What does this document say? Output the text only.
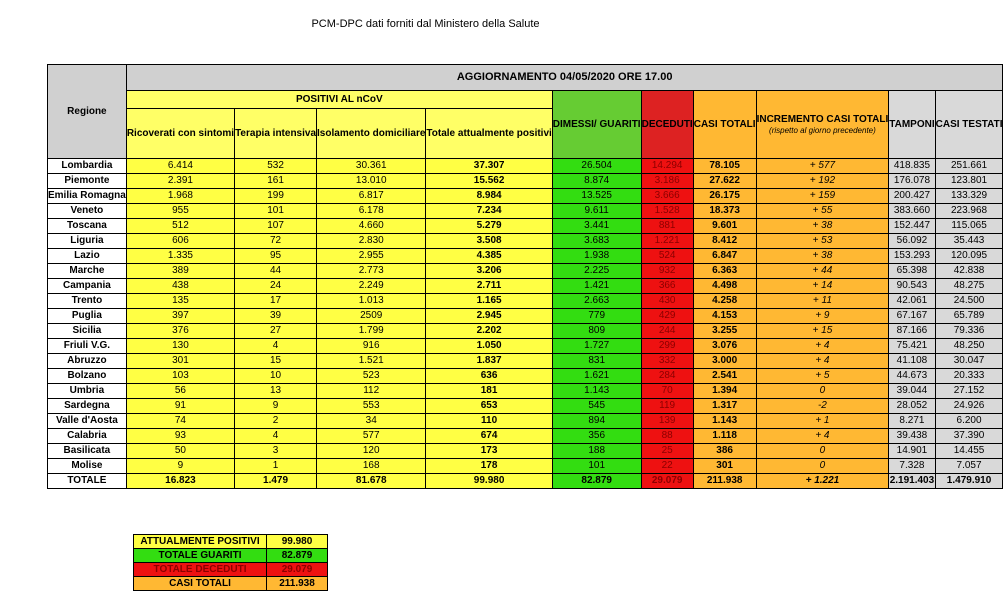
PCM-DPC dati forniti dal Ministero della Salute
Regione	AGGIORNAMENTO 04/05/2020 ORE 17.00									
	POSITIVI AL nCoV				DIMESSI/ GUARITI	DECEDUTI	CASI TOTALI	INCREMENTO CASI TOTALI
(rispetto al giorno precedente)	TAMPONI	CASI TESTATI
	Ricoverati con sintomi	Terapia intensiva	Isolamento domiciliare	Totale attualmente positivi						
Lombardia	6.414	532	30.361	37.307	26.504	14.294	78.105	+ 577	418.835	251.661
Piemonte	2.391	161	13.010	15.562	8.874	3.186	27.622	+ 192	176.078	123.801
Emilia Romagna	1.968	199	6.817	8.984	13.525	3.666	26.175	+ 159	200.427	133.329
Veneto	955	101	6.178	7.234	9.611	1.528	18.373	+ 55	383.660	223.968
Toscana	512	107	4.660	5.279	3.441	881	9.601	+ 38	152.447	115.065
Liguria	606	72	2.830	3.508	3.683	1.221	8.412	+ 53	56.092	35.443
Lazio	1.335	95	2.955	4.385	1.938	524	6.847	+ 38	153.293	120.095
Marche	389	44	2.773	3.206	2.225	932	6.363	+ 44	65.398	42.838
Campania	438	24	2.249	2.711	1.421	366	4.498	+ 14	90.543	48.275
Trento	135	17	1.013	1.165	2.663	430	4.258	+ 11	42.061	24.500
Puglia	397	39	2509	2.945	779	429	4.153	+ 9	67.167	65.789
Sicilia	376	27	1.799	2.202	809	244	3.255	+ 15	87.166	79.336
Friuli V.G.	130	4	916	1.050	1.727	299	3.076	+ 4	75.421	48.250
Abruzzo	301	15	1.521	1.837	831	332	3.000	+ 4	41.108	30.047
Bolzano	103	10	523	636	1.621	284	2.541	+ 5	44.673	20.333
Umbria	56	13	112	181	1.143	70	1.394	0	39.044	27.152
Sardegna	91	9	553	653	545	119	1.317	-2	28.052	24.926
Valle d'Aosta	74	2	34	110	894	139	1.143	+ 1	8.271	6.200
Calabria	93	4	577	674	356	88	1.118	+ 4	39.438	37.390
Basilicata	50	3	120	173	188	25	386	0	14.901	14.455
Molise	9	1	168	178	101	22	301	0	7.328	7.057
TOTALE	16.823	1.479	81.678	99.980	82.879	29.079	211.938	+ 1.221	2.191.403	1.479.910
ATTUALMENTE POSITIVI	99.980
TOTALE GUARITI	82.879
TOTALE DECEDUTI	29.079
CASI TOTALI	211.938
